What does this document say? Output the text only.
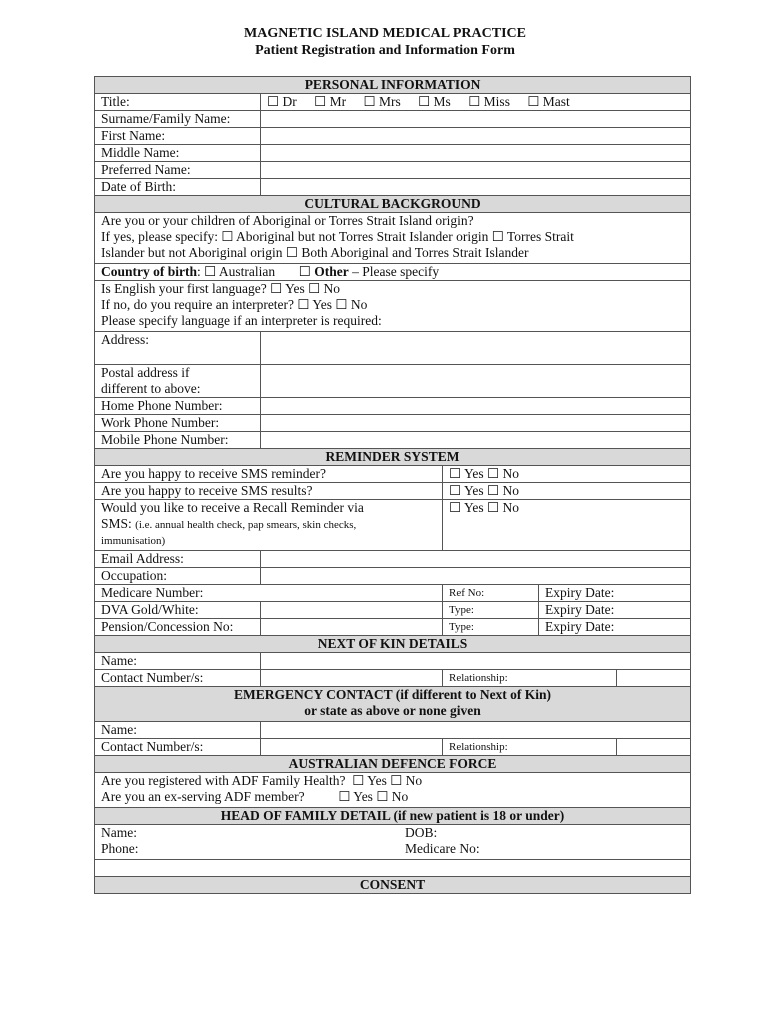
MAGNETIC ISLAND MEDICAL PRACTICE
Patient Registration and Information Form
PERSONAL INFORMATION				
Title:	☐ Dr ☐ Mr ☐ Mrs ☐ Ms ☐ Miss ☐ Mast			
Surname/Family Name:				
First Name:				
Middle Name:				
Preferred Name:				
Date of Birth:				
CULTURAL BACKGROUND				

Are you or your children of Aboriginal or Torres Strait Island origin?
If yes, please specify: ☐ Aboriginal but not Torres Strait Islander origin ☐ Torres Strait
Islander but not Aboriginal origin ☐ Both Aboriginal and Torres Strait Islander				

Country of birth: ☐ Australian       ☐ Other – Please specify				

Is English your first language? ☐ Yes ☐ No
If no, do you require an interpreter? ☐ Yes ☐ No
Please specify language if an interpreter is required:				

Address:				

Postal address if
different to above:				

Home Phone Number:				
Work Phone Number:				
Mobile Phone Number:				
REMINDER SYSTEM				
Are you happy to receive SMS reminder?		☐ Yes ☐ No		
Are you happy to receive SMS results?		☐ Yes ☐ No		

Would you like to receive a Recall Reminder via
SMS: (i.e. annual health check, pap smears, skin checks,
immunisation)		☐ Yes ☐ No		
Email Address:				
Occupation:				
Medicare Number:		Ref No:	Expiry Date:	
DVA Gold/White:		Type:	Expiry Date:	
Pension/Concession No:		Type:	Expiry Date:	
NEXT OF KIN DETAILS				
Name:				
Contact Number/s:		Relationship:		

EMERGENCY CONTACT (if different to Next of Kin)
or state as above or none given				

Name:				
Contact Number/s:		Relationship:		
AUSTRALIAN DEFENCE FORCE				

Are you registered with ADF Family Health?  ☐ Yes ☐ No
Are you an ex-serving ADF member?          ☐ Yes ☐ No				

HEAD OF FAMILY DETAIL (if new patient is 18 or under)				

Name: DOB:
Phone: Medicare No:				

CONSENT				
